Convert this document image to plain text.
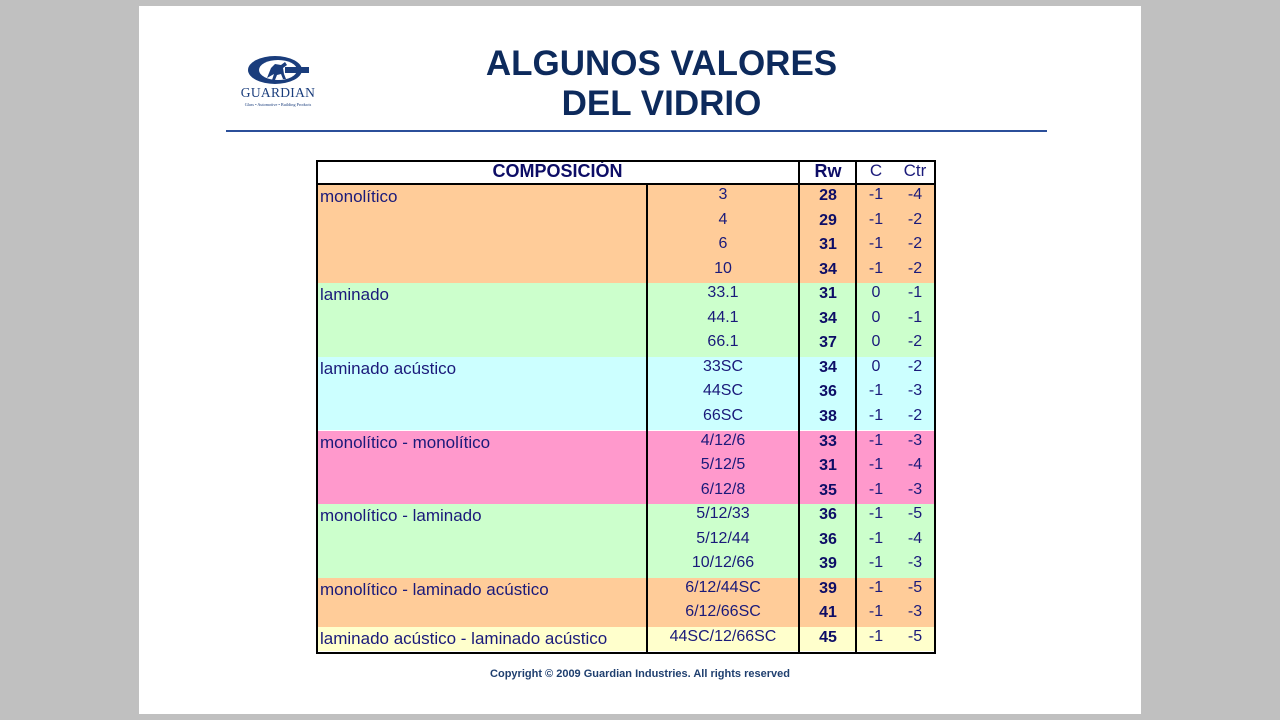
GUARDIAN
Glass • Automotive • Building Products
ALGUNOS VALORES
DEL VIDRIO
COMPOSICIÓN	Rw	C	Ctr
monolítico	3	28	-1	-4
4	29	-1	-2
6	31	-1	-2
10	34	-1	-2
laminado	33.1	31	0	-1
44.1	34	0	-1
66.1	37	0	-2
laminado acústico	33SC	34	0	-2
44SC	36	-1	-3
66SC	38	-1	-2
monolítico - monolítico	4/12/6	33	-1	-3
5/12/5	31	-1	-4
6/12/8	35	-1	-3
monolítico - laminado	5/12/33	36	-1	-5
5/12/44	36	-1	-4
10/12/66	39	-1	-3
monolítico - laminado acústico	6/12/44SC	39	-1	-5
6/12/66SC	41	-1	-3
laminado acústico - laminado acústico	44SC/12/66SC	45	-1	-5
Copyright © 2009 Guardian Industries. All rights reserved
